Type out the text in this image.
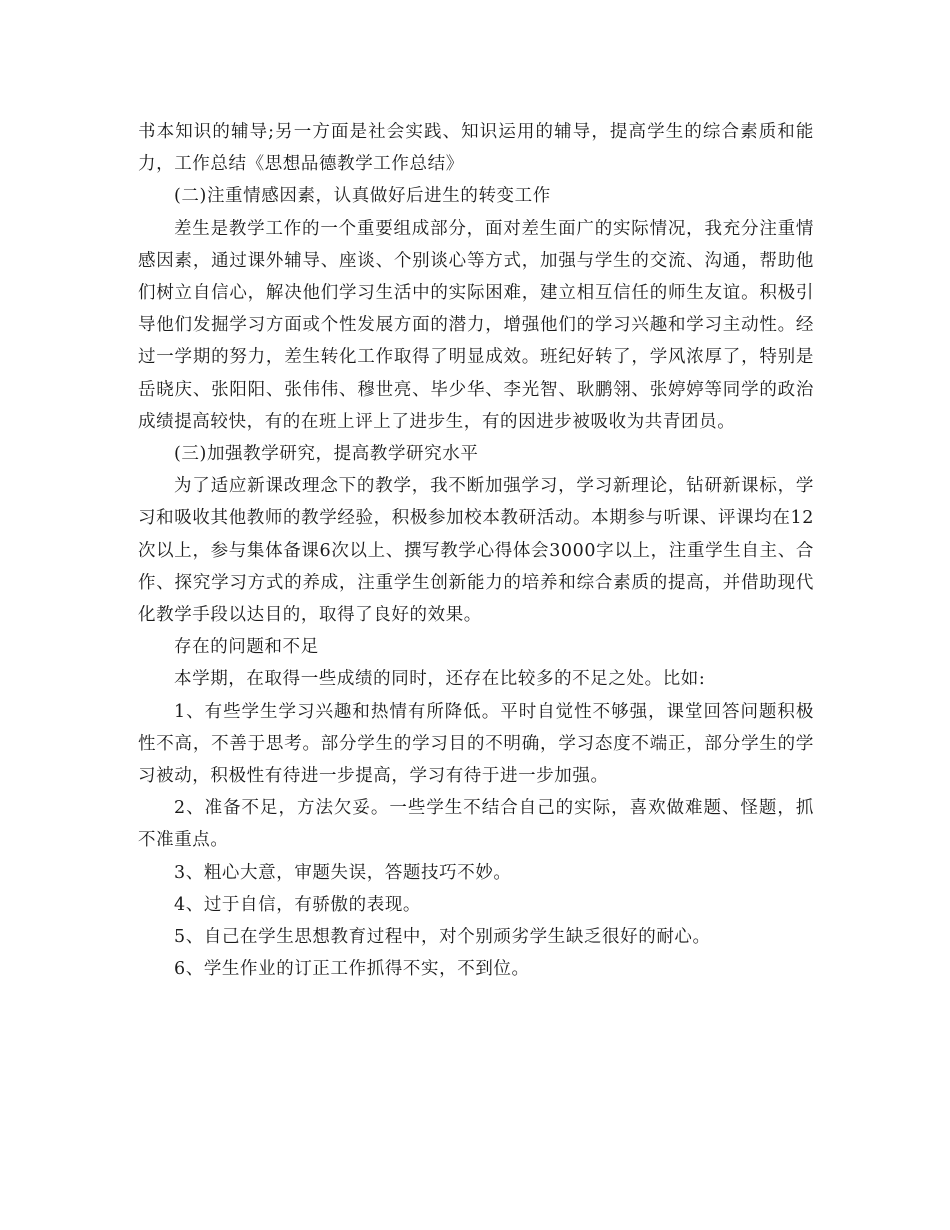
书本知识的辅导;另一方面是社会实践、知识运用的辅导，提高学生的综合素质和能力，工作总结《思想品德教学工作总结》

(二)注重情感因素，认真做好后进生的转变工作

差生是教学工作的一个重要组成部分，面对差生面广的实际情况，我充分注重情感因素，通过课外辅导、座谈、个别谈心等方式，加强与学生的交流、沟通，帮助他们树立自信心，解决他们学习生活中的实际困难，建立相互信任的师生友谊。积极引导他们发掘学习方面或个性发展方面的潜力，增强他们的学习兴趣和学习主动性。经过一学期的努力，差生转化工作取得了明显成效。班纪好转了，学风浓厚了，特别是岳晓庆、张阳阳、张伟伟、穆世亮、毕少华、李光智、耿鹏翎、张婷婷等同学的政治成绩提高较快，有的在班上评上了进步生，有的因进步被吸收为共青团员。

(三)加强教学研究，提高教学研究水平

为了适应新课改理念下的教学，我不断加强学习，学习新理论，钻研新课标，学习和吸收其他教师的教学经验，积极参加校本教研活动。本期参与听课、评课均在12次以上，参与集体备课6次以上、撰写教学心得体会3000字以上，注重学生自主、合作、探究学习方式的养成，注重学生创新能力的培养和综合素质的提高，并借助现代化教学手段以达目的，取得了良好的效果。

存在的问题和不足

本学期，在取得一些成绩的同时，还存在比较多的不足之处。比如:

1、有些学生学习兴趣和热情有所降低。平时自觉性不够强，课堂回答问题积极性不高，不善于思考。部分学生的学习目的不明确，学习态度不端正，部分学生的学习被动，积极性有待进一步提高，学习有待于进一步加强。

2、准备不足，方法欠妥。一些学生不结合自己的实际，喜欢做难题、怪题，抓不准重点。

3、粗心大意，审题失误，答题技巧不妙。

4、过于自信，有骄傲的表现。

5、自己在学生思想教育过程中，对个别顽劣学生缺乏很好的耐心。

6、学生作业的订正工作抓得不实，不到位。
